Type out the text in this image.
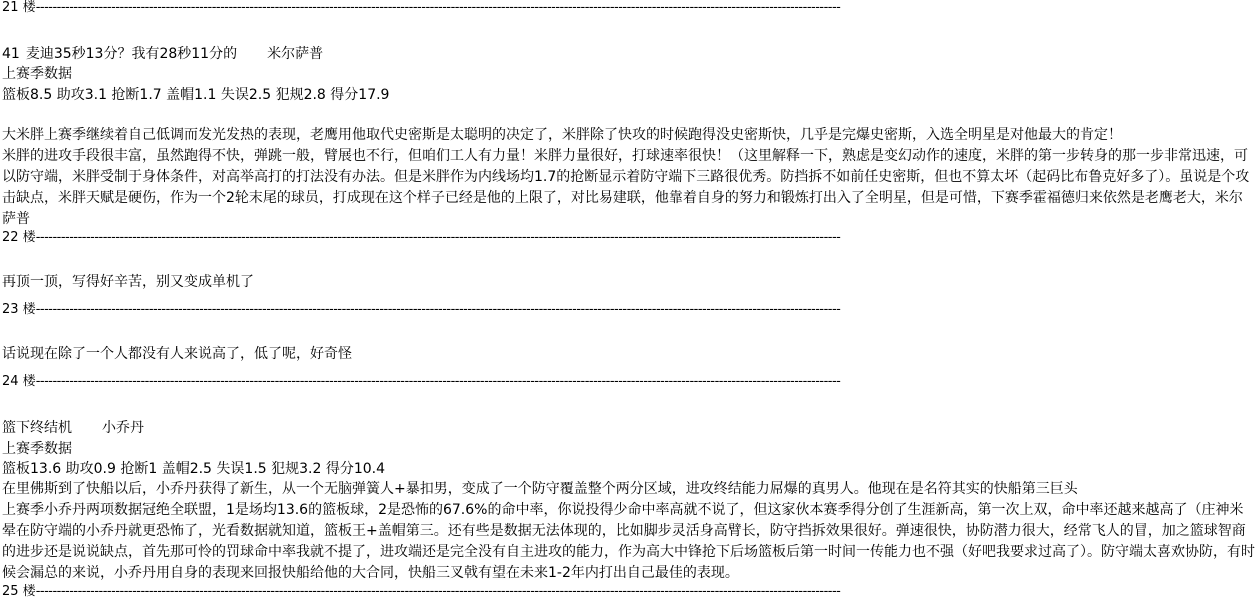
21 楼------------------------------------------------------------------------------------------------------------------------------------------------------------------------------------------------
41 麦迪35秒13分？我有28秒11分的 米尔萨普
上赛季数据
篮板8.5 助攻3.1 抢断1.7 盖帽1.1 失误2.5 犯规2.8 得分17.9
大米胖上赛季继续着自己低调而发光发热的表现，老鹰用他取代史密斯是太聪明的决定了，米胖除了快攻的时候跑得没史密斯快，几乎是完爆史密斯，入选全明星是对他最大的肯定！
米胖的进攻手段很丰富，虽然跑得不快，弹跳一般，臂展也不行，但咱们工人有力量！米胖力量很好，打球速率很快！（这里解释一下，熟虑是变幻动作的速度，米胖的第一步转身的那一步非常迅速，可以防守端，米胖受制于身体条件，对高举高打的打法没有办法。但是米胖作为内线场均1.7的抢断显示着防守端下三路很优秀。防挡拆不如前任史密斯，但也不算太坏（起码比布鲁克好多了）。虽说是个攻击缺点，米胖天赋是硬伤，作为一个2轮末尾的球员，打成现在这个样子已经是他的上限了，对比易建联，他靠着自身的努力和锻炼打出入了全明星，但是可惜，下赛季霍福德归来依然是老鹰老大，米尔萨普
22 楼------------------------------------------------------------------------------------------------------------------------------------------------------------------------------------------------
再顶一顶，写得好辛苦，别又变成单机了
23 楼------------------------------------------------------------------------------------------------------------------------------------------------------------------------------------------------
话说现在除了一个人都没有人来说高了，低了呢，好奇怪
24 楼------------------------------------------------------------------------------------------------------------------------------------------------------------------------------------------------
篮下终结机 小乔丹
上赛季数据
篮板13.6 助攻0.9 抢断1 盖帽2.5 失误1.5 犯规3.2 得分10.4
在里佛斯到了快船以后，小乔丹获得了新生，从一个无脑弹簧人+暴扣男，变成了一个防守覆盖整个两分区域，进攻终结能力屌爆的真男人。他现在是名符其实的快船第三巨头
上赛季小乔丹两项数据冠绝全联盟，1是场均13.6的篮板球，2是恐怖的67.6%的命中率，你说投得少命中率高就不说了，但这家伙本赛季得分创了生涯新高，第一次上双，命中率还越来越高了（庄神米晕在防守端的小乔丹就更恐怖了，光看数据就知道，篮板王+盖帽第三。还有些是数据无法体现的，比如脚步灵活身高臂长，防守挡拆效果很好。弹速很快，协防潜力很大，经常飞人的冒，加之篮球智商的进步还是说说缺点，首先那可怜的罚球命中率我就不提了，进攻端还是完全没有自主进攻的能力，作为高大中锋抢下后场篮板后第一时间一传能力也不强（好吧我要求过高了）。防守端太喜欢协防，有时候会漏总的来说，小乔丹用自身的表现来回报快船给他的大合同，快船三叉戟有望在未来1-2年内打出自己最佳的表现。
25 楼------------------------------------------------------------------------------------------------------------------------------------------------------------------------------------------------
